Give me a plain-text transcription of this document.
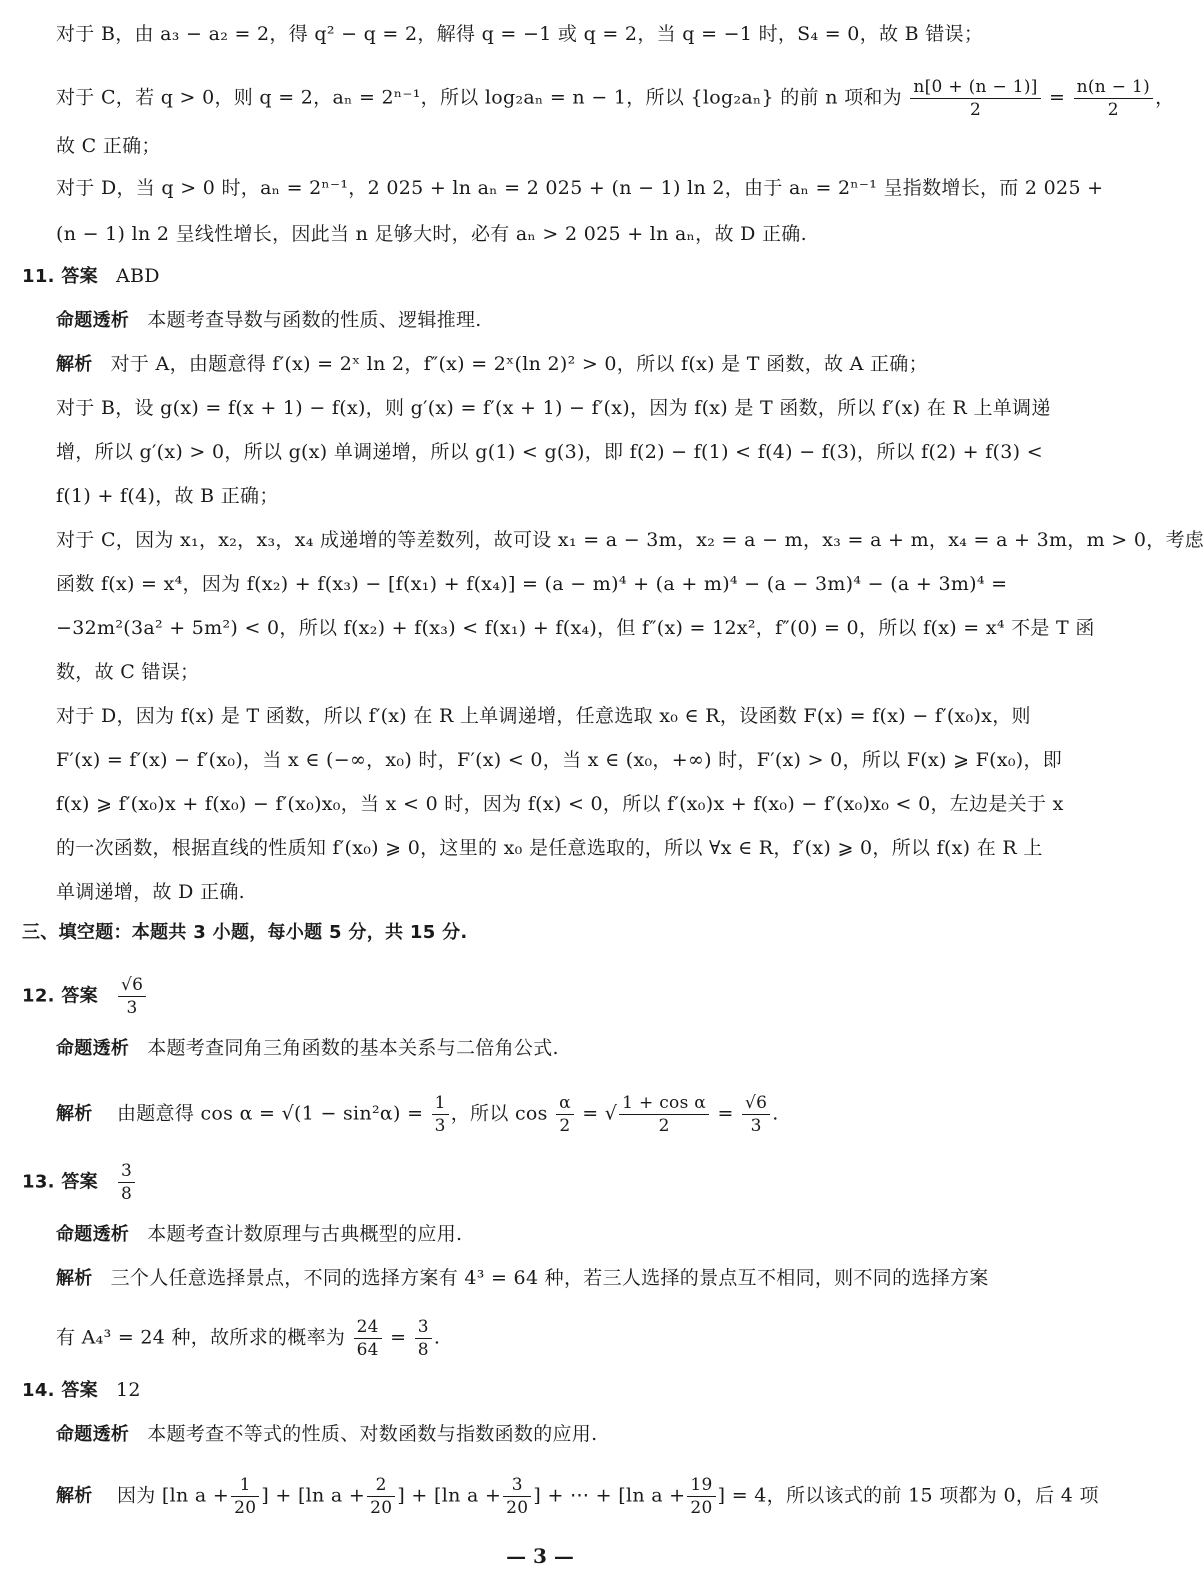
对于 B，由 a₃ − a₂ = 2，得 q² − q = 2，解得 q = −1 或 q = 2，当 q = −1 时，S₄ = 0，故 B 错误；
对于 C，若 q > 0，则 q = 2，aₙ = 2ⁿ⁻¹，所以 log₂aₙ = n − 1，所以 {log₂aₙ} 的前 n 项和为 $\frac{n[0 + (n - 1)]}{2} = \frac{n(n - 1)}{2}$ ，
故 C 正确；
对于 D，当 q > 0 时，aₙ = 2ⁿ⁻¹，2 025 + ln aₙ = 2 025 + (n − 1) ln 2，由于 aₙ = 2ⁿ⁻¹ 呈指数增长，而 2 025 +
(n − 1) ln 2 呈线性增长，因此当 n 足够大时，必有 aₙ > 2 025 + ln aₙ，故 D 正确.
11. 答案 ABD
命题透析 本题考查导数与函数的性质、逻辑推理.
解析 对于 A，由题意得 f′(x) = 2ˣ ln 2，f″(x) = 2ˣ(ln 2)² > 0，所以 f(x) 是 T 函数，故 A 正确；
对于 B，设 g(x) = f(x + 1) − f(x)，则 g′(x) = f′(x + 1) − f′(x)，因为 f(x) 是 T 函数，所以 f′(x) 在 R 上单调递
增，所以 g′(x) > 0，所以 g(x) 单调递增，所以 g(1) < g(3)，即 f(2) − f(1) < f(4) − f(3)，所以 f(2) + f(3) <
f(1) + f(4)，故 B 正确；
对于 C，因为 x₁，x₂，x₃，x₄ 成递增的等差数列，故可设 x₁ = a − 3m，x₂ = a − m，x₃ = a + m，x₄ = a + 3m，m > 0，考虑
函数 f(x) = x⁴，因为 f(x₂) + f(x₃) − [f(x₁) + f(x₄)] = (a − m)⁴ + (a + m)⁴ − (a − 3m)⁴ − (a + 3m)⁴ =
−32m²(3a² + 5m²) < 0，所以 f(x₂) + f(x₃) < f(x₁) + f(x₄)，但 f″(x) = 12x²，f″(0) = 0，所以 f(x) = x⁴ 不是 T 函
数，故 C 错误；
对于 D，因为 f(x) 是 T 函数，所以 f′(x) 在 R 上单调递增，任意选取 x₀ ∈ R，设函数 F(x) = f(x) − f′(x₀)x，则
F′(x) = f′(x) − f′(x₀)，当 x ∈ (−∞，x₀) 时，F′(x) < 0，当 x ∈ (x₀，+∞) 时，F′(x) > 0，所以 F(x) ⩾ F(x₀)，即
f(x) ⩾ f′(x₀)x + f(x₀) − f′(x₀)x₀，当 x < 0 时，因为 f(x) < 0，所以 f′(x₀)x + f(x₀) − f′(x₀)x₀ < 0，左边是关于 x
的一次函数，根据直线的性质知 f′(x₀) ⩾ 0，这里的 x₀ 是任意选取的，所以 ∀x ∈ R，f′(x) ⩾ 0，所以 f(x) 在 R 上
单调递增，故 D 正确.
三、填空题：本题共 3 小题，每小题 5 分，共 15 分.
12. 答案 $\frac{√6}{3}$
命题透析 本题考查同角三角函数的基本关系与二倍角公式.
解析 由题意得 $\cos \alpha = √(1 - \sin^2\alpha) = \frac{1}{3}$ ，所以 $\cos \frac{\alpha}{2}$ = √ $\frac{\text{1 + cos α}}{2} = \frac{√6}{3}$ .
13. 答案 $\frac{3}{8}$
命题透析 本题考查计数原理与古典概型的应用.
解析 三个人任意选择景点，不同的选择方案有 4³ = 64 种，若三人选择的景点互不相同，则不同的选择方案
有 A₄³ = 24 种，故所求的概率为 $\frac{24}{64} = \frac{3}{8}$ .
14. 答案 12
命题透析 本题考查不等式的性质、对数函数与指数函数的应用.
解析 因为 [ln $a + \frac{1}{20}$ ] + [ln $a + \frac{2}{20}$ ] + [ln $a + \frac{3}{20}$ ] + ⋯ + [ln $a + \frac{19}{20}$ ] = 4，所以该式的前 15 项都为 0，后 4 项
— 3 —
